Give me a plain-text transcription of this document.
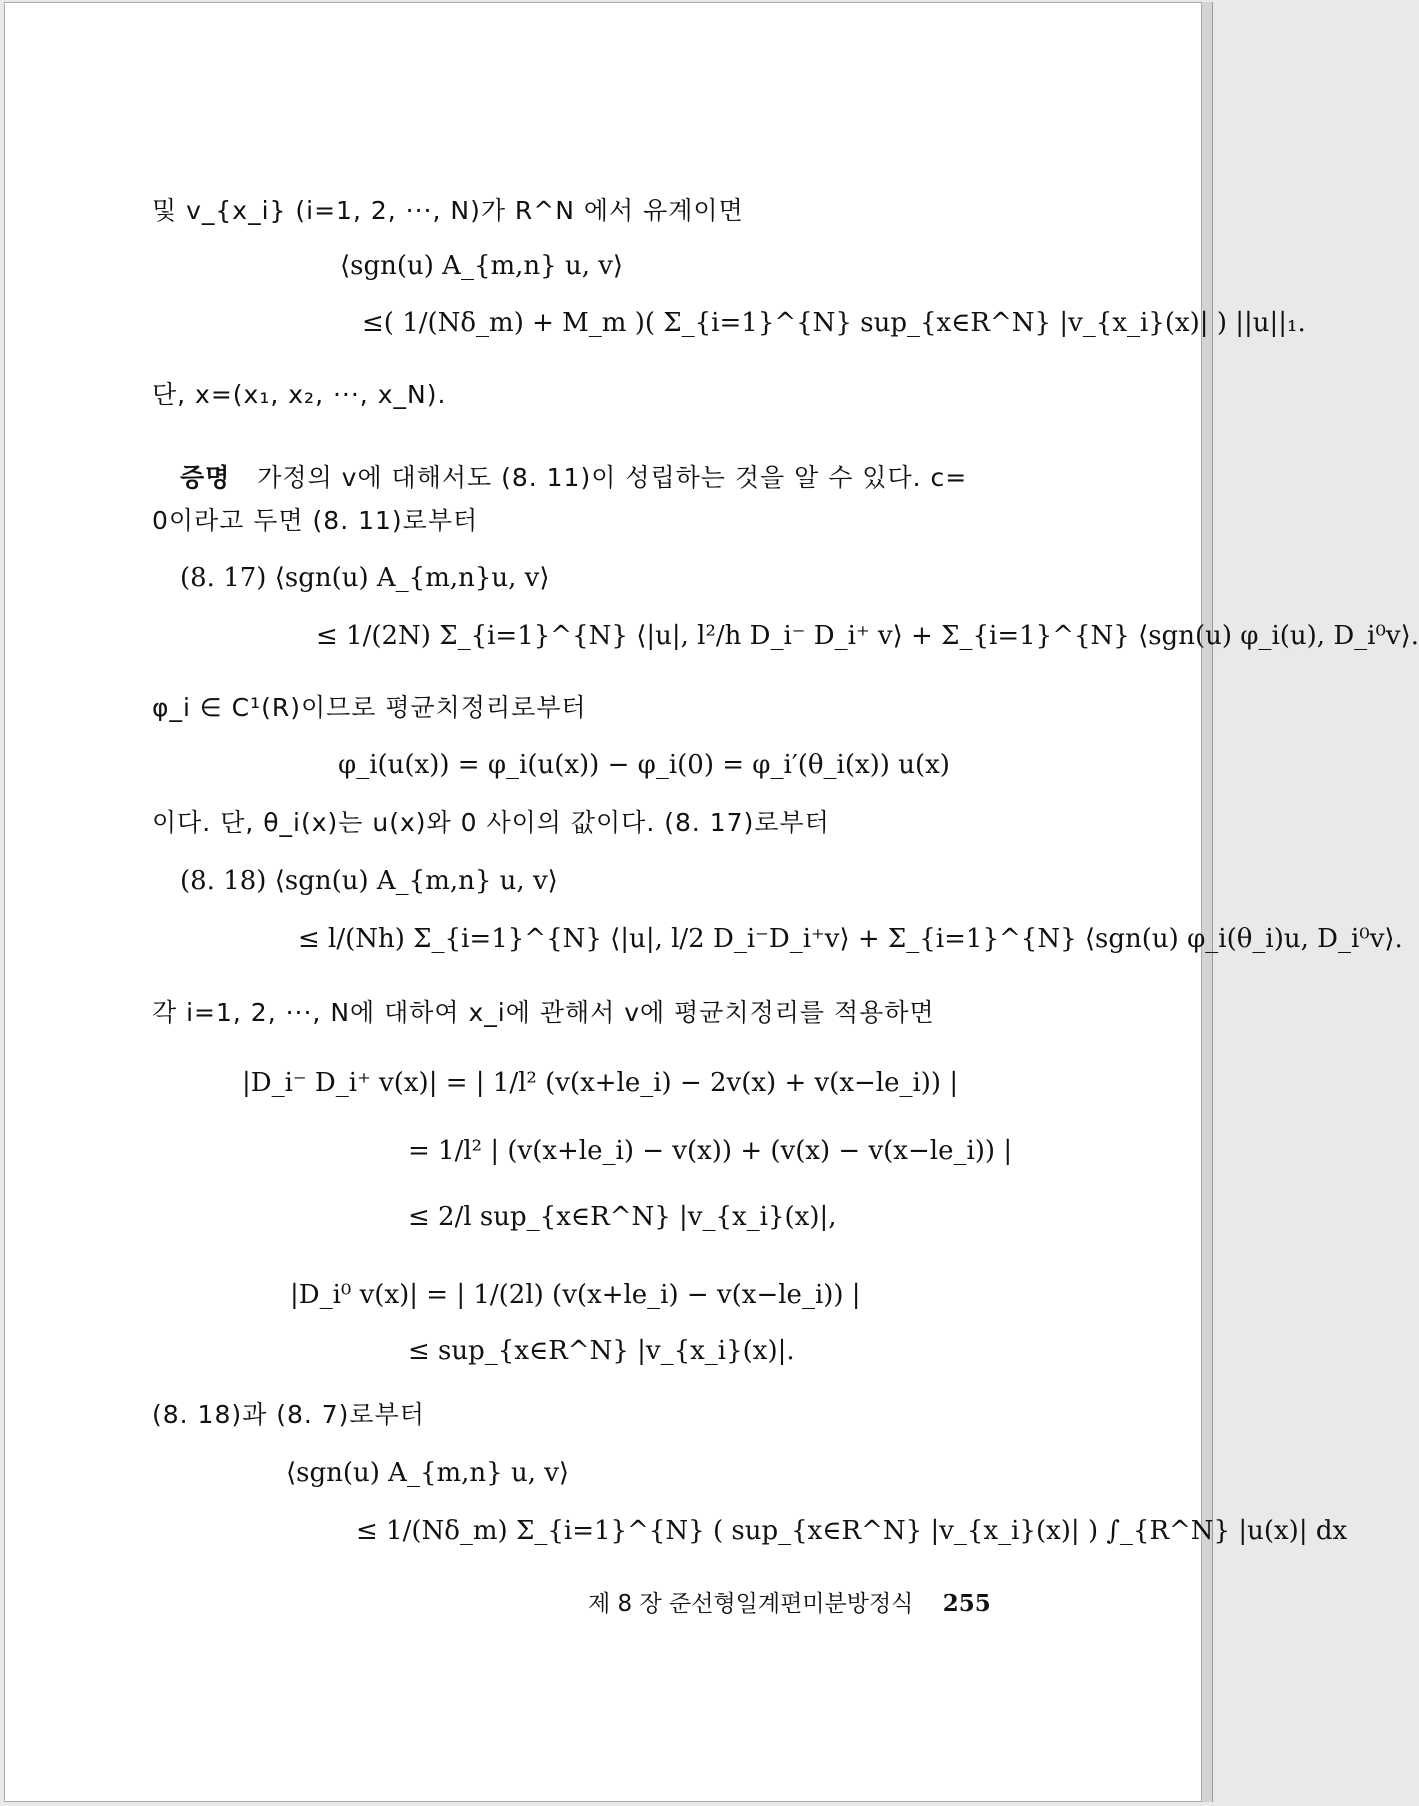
및 v_{x_i} (i=1, 2, ···, N)가 R^N 에서 유계이면
⟨sgn(u) A_{m,n} u, v⟩
≤( 1/(Nδ_m) + M_m )( Σ_{i=1}^{N} sup_{x∈R^N} |v_{x_i}(x)| ) ||u||₁.
단, x=(x₁, x₂, ···, x_N).
증명 가정의 v에 대해서도 (8. 11)이 성립하는 것을 알 수 있다. c=
0이라고 두면 (8. 11)로부터
(8. 17) ⟨sgn(u) A_{m,n}u, v⟩
≤ 1/(2N) Σ_{i=1}^{N} ⟨|u|, l²/h D_i⁻ D_i⁺ v⟩ + Σ_{i=1}^{N} ⟨sgn(u) φ_i(u), D_i⁰v⟩.
φ_i ∈ C¹(R)이므로 평균치정리로부터
φ_i(u(x)) = φ_i(u(x)) − φ_i(0) = φ_i′(θ_i(x)) u(x)
이다. 단, θ_i(x)는 u(x)와 0 사이의 값이다. (8. 17)로부터
(8. 18) ⟨sgn(u) A_{m,n} u, v⟩
≤ l/(Nh) Σ_{i=1}^{N} ⟨|u|, l/2 D_i⁻D_i⁺v⟩ + Σ_{i=1}^{N} ⟨sgn(u) φ_i(θ_i)u, D_i⁰v⟩.
각 i=1, 2, ···, N에 대하여 x_i에 관해서 v에 평균치정리를 적용하면
|D_i⁻ D_i⁺ v(x)| = | 1/l² (v(x+le_i) − 2v(x) + v(x−le_i)) |
= 1/l² | (v(x+le_i) − v(x)) + (v(x) − v(x−le_i)) |
≤ 2/l sup_{x∈R^N} |v_{x_i}(x)|,
|D_i⁰ v(x)| = | 1/(2l) (v(x+le_i) − v(x−le_i)) |
≤ sup_{x∈R^N} |v_{x_i}(x)|.
(8. 18)과 (8. 7)로부터
⟨sgn(u) A_{m,n} u, v⟩
≤ 1/(Nδ_m) Σ_{i=1}^{N} ( sup_{x∈R^N} |v_{x_i}(x)| ) ∫_{R^N} |u(x)| dx
제 8 장 준선형일계편미분방정식 255
